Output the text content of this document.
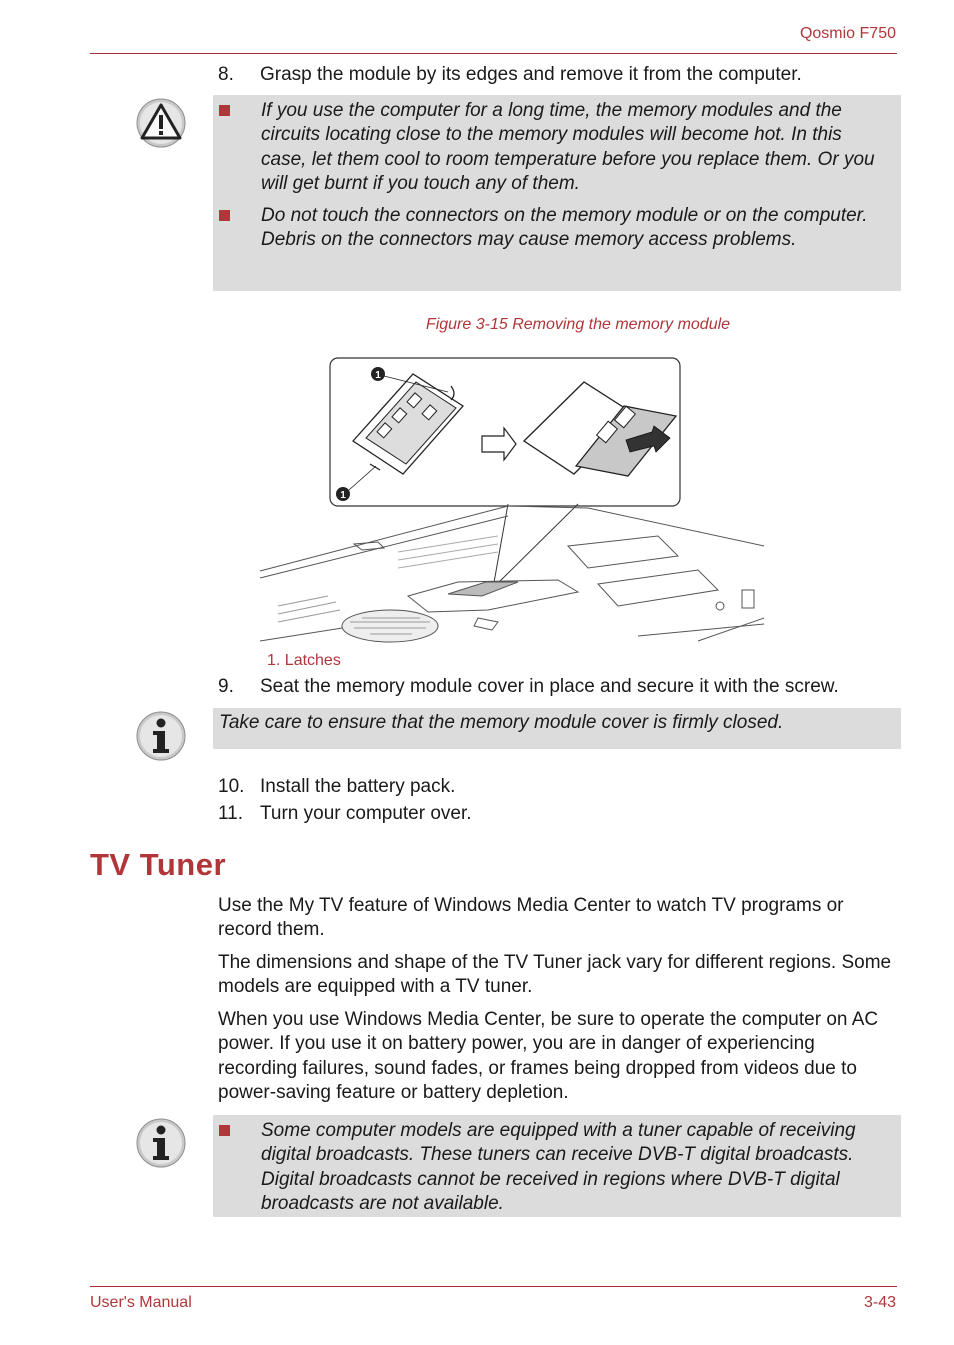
Qosmio F750
8. Grasp the module by its edges and remove it from the computer.
If you use the computer for a long time, the memory modules and the circuits locating close to the memory modules will become hot. In this case, let them cool to room temperature before you replace them. Or you will get burnt if you touch any of them.
Do not touch the connectors on the memory module or on the computer. Debris on the connectors may cause memory access problems.
Figure 3-15 Removing the memory module
1
1
1. Latches
9. Seat the memory module cover in place and secure it with the screw.
Take care to ensure that the memory module cover is firmly closed.
10. Install the battery pack.
11. Turn your computer over.
TV Tuner
Use the My TV feature of Windows Media Center to watch TV programs or record them.
The dimensions and shape of the TV Tuner jack vary for different regions. Some models are equipped with a TV tuner.
When you use Windows Media Center, be sure to operate the computer on AC power. If you use it on battery power, you are in danger of experiencing recording failures, sound fades, or frames being dropped from videos due to power-saving feature or battery depletion.
Some computer models are equipped with a tuner capable of receiving digital broadcasts. These tuners can receive DVB-T digital broadcasts. Digital broadcasts cannot be received in regions where DVB-T digital broadcasts are not available.
User's Manual	3-43
